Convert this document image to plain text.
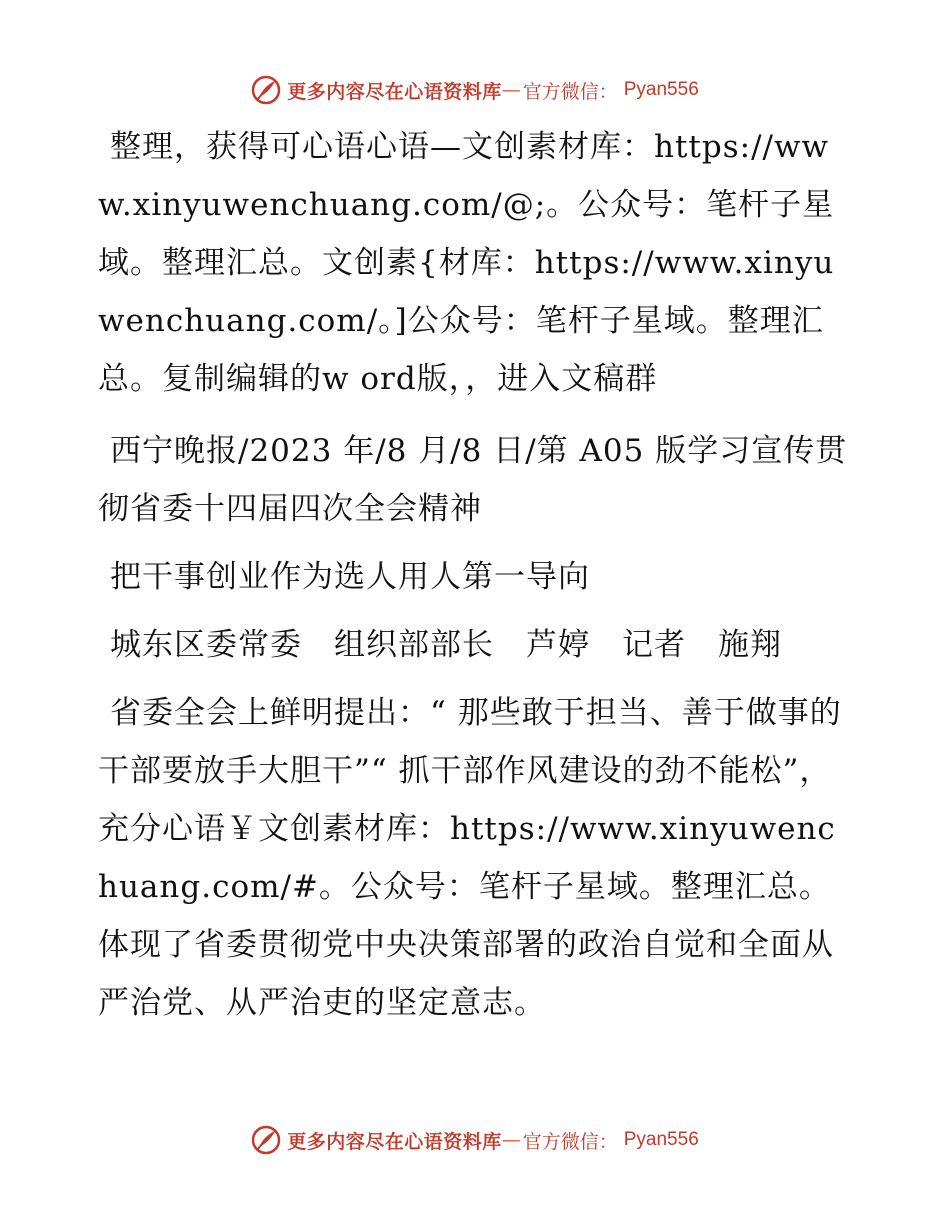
更多内容尽在心语资料库 — 官方微信： Pyan556

整理，获得可心语心语—文创素材库：https://www.xinyuwenchuang.com/@;。公众号：笔杆子星域。整理汇总。文创素{材库：https://www.xinyuwenchuang.com/。]公众号：笔杆子星域。整理汇总。复制编辑的w ord版，，进入文稿群

西宁晚报/2023 年/8 月/8 日/第 A05 版学习宣传贯彻省委十四届四次全会精神

把干事创业作为选人用人第一导向

城东区委常委　组织部部长　芦婷　记者　施翔

省委全会上鲜明提出：“ 那些敢于担当、善于做事的干部要放手大胆干”“ 抓干部作风建设的劲不能松”，充分心语￥文创素材库：https://www.xinyuwenchuang.com/#。公众号：笔杆子星域。整理汇总。体现了省委贯彻党中央决策部署的政治自觉和全面从严治党、从严治吏的坚定意志。

更多内容尽在心语资料库 — 官方微信： Pyan556
